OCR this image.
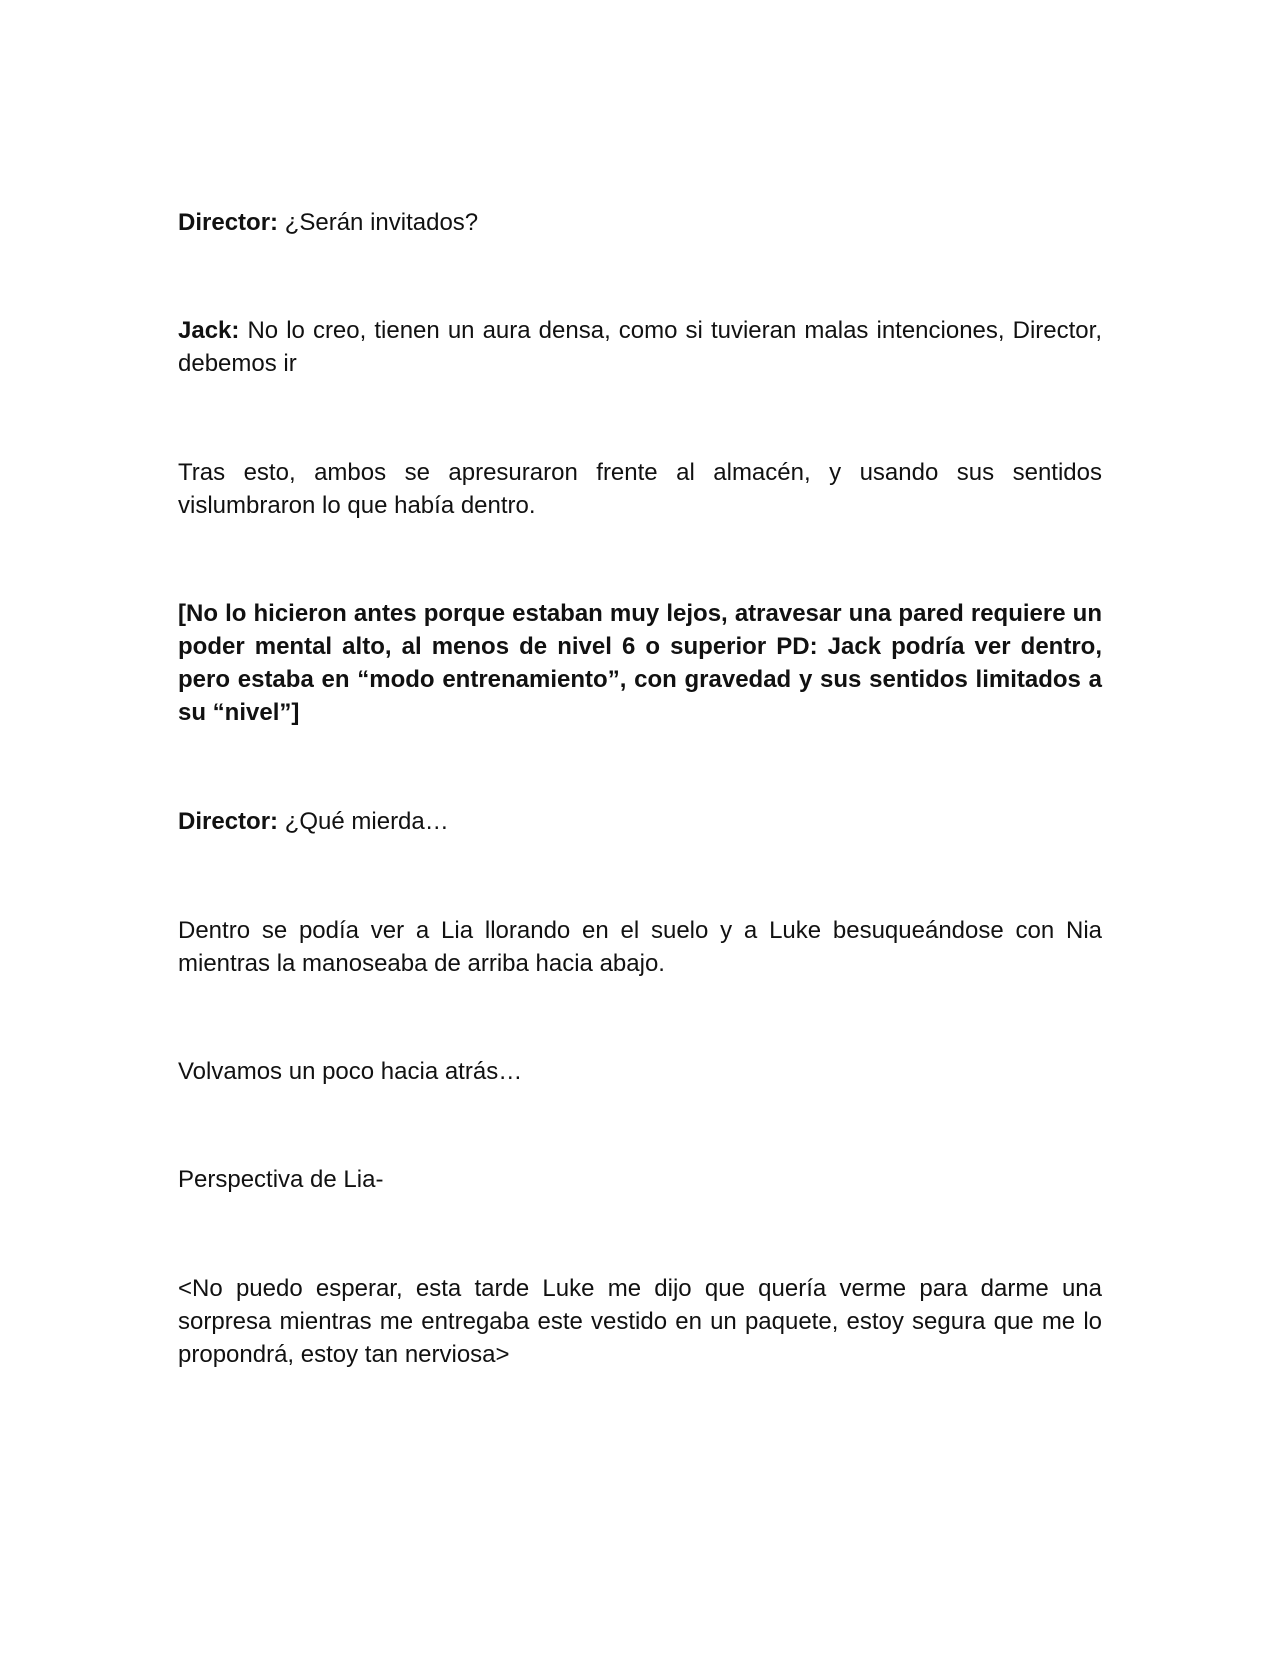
Director: ¿Serán invitados?

Jack: No lo creo, tienen un aura densa, como si tuvieran malas intenciones, Director, debemos ir

Tras esto, ambos se apresuraron frente al almacén, y usando sus sentidos vislumbraron lo que había dentro.

[No lo hicieron antes porque estaban muy lejos, atravesar una pared requiere un poder mental alto, al menos de nivel 6 o superior PD: Jack podría ver dentro, pero estaba en “modo entrenamiento”, con gravedad y sus sentidos limitados a su “nivel”]

Director: ¿Qué mierda…

Dentro se podía ver a Lia llorando en el suelo y a Luke besuqueándose con Nia mientras la manoseaba de arriba hacia abajo.

Volvamos un poco hacia atrás…

Perspectiva de Lia-

<No puedo esperar, esta tarde Luke me dijo que quería verme para darme una sorpresa mientras me entregaba este vestido en un paquete, estoy segura que me lo propondrá, estoy tan nerviosa>
